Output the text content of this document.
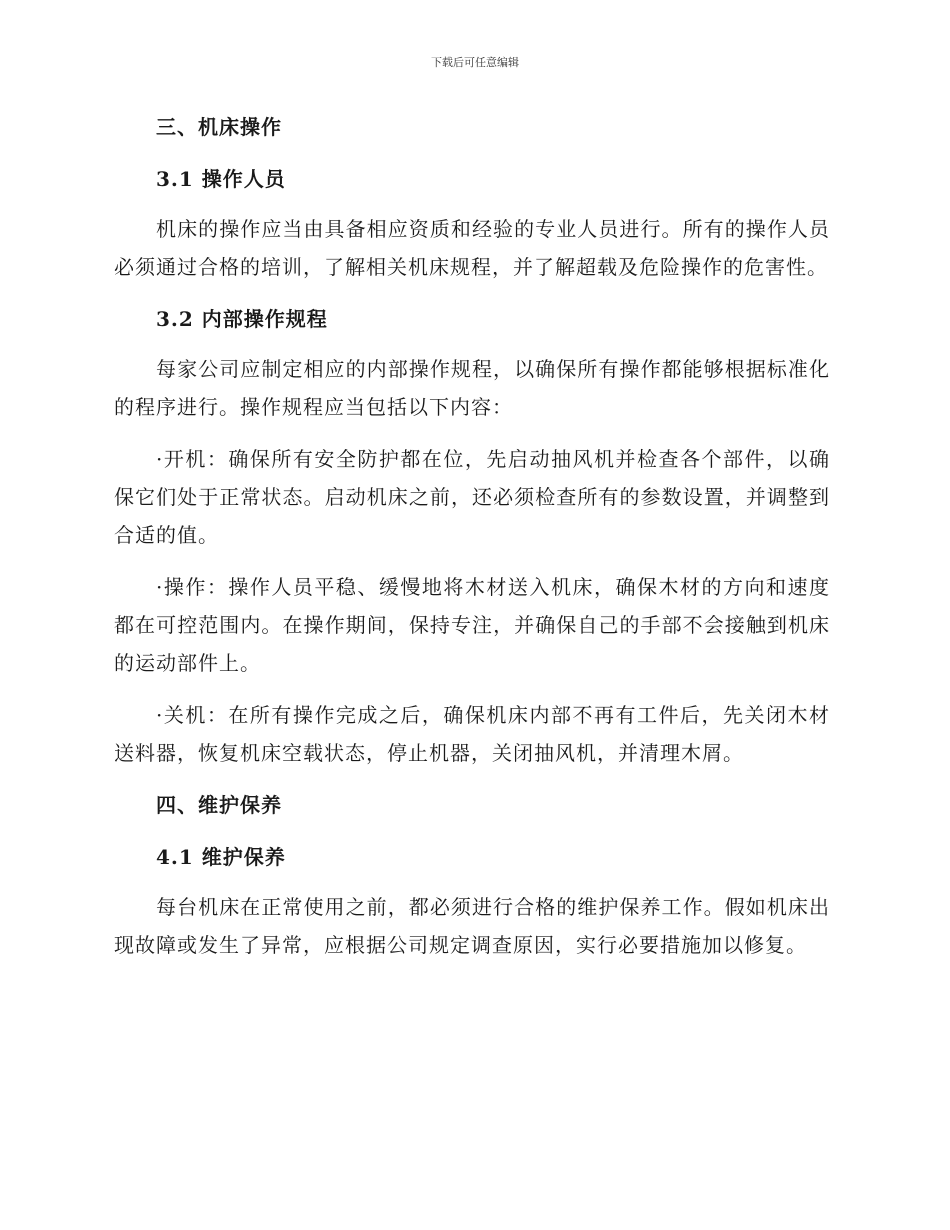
下载后可任意编辑
三、机床操作
3.1 操作人员

机床的操作应当由具备相应资质和经验的专业人员进行。所有的操作人员必须通过合格的培训，了解相关机床规程，并了解超载及危险操作的危害性。

3.2 内部操作规程

每家公司应制定相应的内部操作规程，以确保所有操作都能够根据标准化的程序进行。操作规程应当包括以下内容：

·开机：确保所有安全防护都在位，先启动抽风机并检查各个部件，以确保它们处于正常状态。启动机床之前，还必须检查所有的参数设置，并调整到合适的值。

·操作：操作人员平稳、缓慢地将木材送入机床，确保木材的方向和速度都在可控范围内。在操作期间，保持专注，并确保自己的手部不会接触到机床的运动部件上。

·关机：在所有操作完成之后，确保机床内部不再有工件后，先关闭木材送料器，恢复机床空载状态，停止机器，关闭抽风机，并清理木屑。

四、维护保养
4.1 维护保养

每台机床在正常使用之前，都必须进行合格的维护保养工作。假如机床出现故障或发生了异常，应根据公司规定调查原因，实行必要措施加以修复。
